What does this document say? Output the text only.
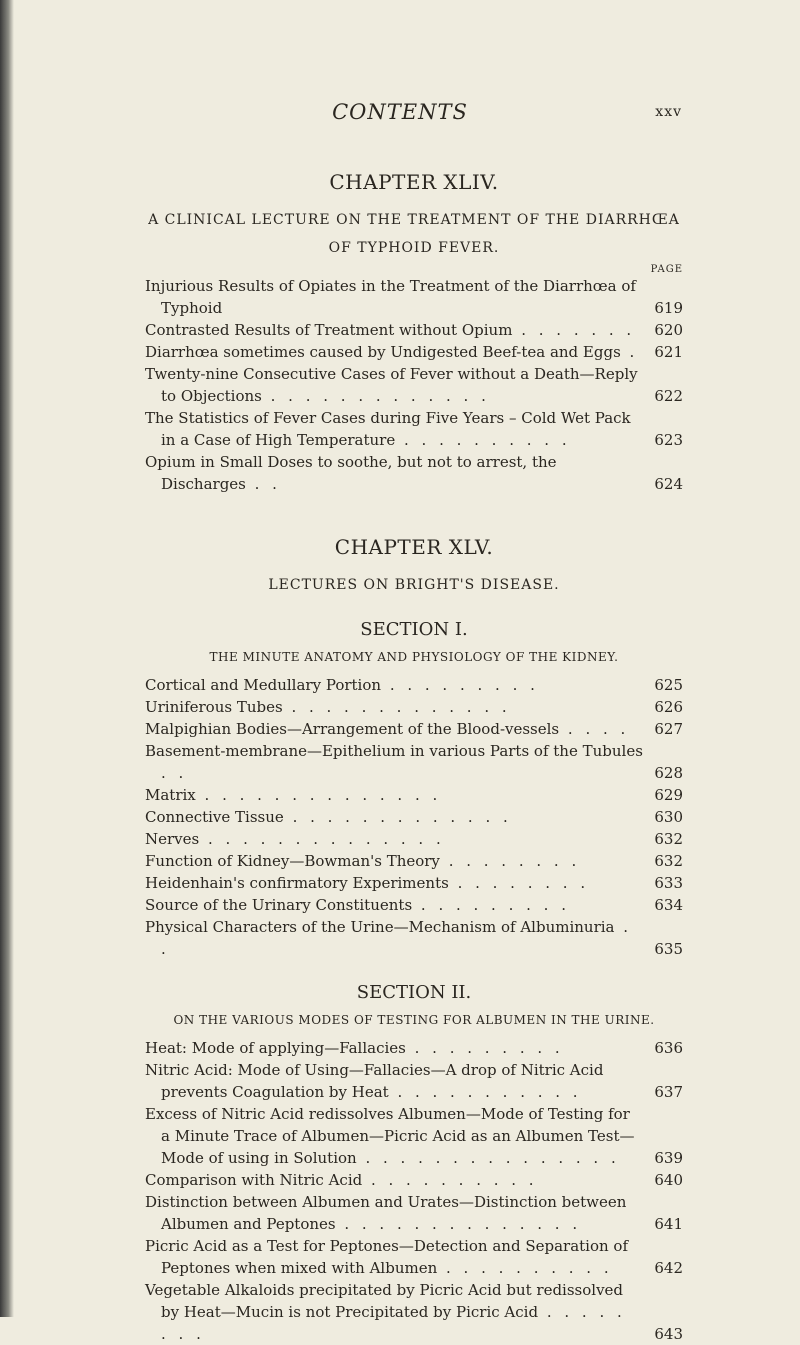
CONTENTS	xxv
CHAPTER XLIV.
A CLINICAL LECTURE ON THE TREATMENT OF THE DIARRHŒA
OF TYPHOID FEVER.
PAGE
Injurious Results of Opiates in the Treatment of the Diarrhœa of Typhoid	619
Contrasted Results of Treatment without Opium . . . . . . . 620
Diarrhœa sometimes caused by Undigested Beef-tea and Eggs . 621
Twenty-nine Consecutive Cases of Fever without a Death—Reply to Objections . . . . . . . . . . . . .	622
The Statistics of Fever Cases during Five Years – Cold Wet Pack in a Case of High Temperature . . . . . . . . . .	623
Opium in Small Doses to soothe, but not to arrest, the Discharges . .	624
CHAPTER XLV.
LECTURES ON BRIGHT'S DISEASE.
SECTION I.
THE MINUTE ANATOMY AND PHYSIOLOGY OF THE KIDNEY.
Cortical and Medullary Portion . . . . . . . . .	625
Uriniferous Tubes . . . . . . . . . . . . .	626
Malpighian Bodies—Arrangement of the Blood-vessels . . . . 627
Basement-membrane—Epithelium in various Parts of the Tubules . .	628
Matrix . . . . . . . . . . . . . .	629
Connective Tissue . . . . . . . . . . . . .	630
Nerves . . . . . . . . . . . . . .	632
Function of Kidney—Bowman's Theory . . . . . . . .	632
Heidenhain's confirmatory Experiments . . . . . . . .	633
Source of the Urinary Constituents . . . . . . . . .	634
Physical Characters of the Urine—Mechanism of Albuminuria . .	635
SECTION II.
ON THE VARIOUS MODES OF TESTING FOR ALBUMEN IN THE URINE.
Heat: Mode of applying—Fallacies . . . . . . . . .	636
Nitric Acid: Mode of Using—Fallacies—A drop of Nitric Acid prevents Coagulation by Heat . . . . . . . . . . .	637
Excess of Nitric Acid redissolves Albumen—Mode of Testing for a Minute Trace of Albumen—Picric Acid as an Albumen Test—Mode of using in Solution . . . . . . . . . . . . . . . 639
Comparison with Nitric Acid . . . . . . . . . .	640
Distinction between Albumen and Urates—Distinction between Albumen and Peptones . . . . . . . . . . . . . .	641
Picric Acid as a Test for Peptones—Detection and Separation of Peptones when mixed with Albumen . . . . . . . . . .	642
Vegetable Alkaloids precipitated by Picric Acid but redissolved by Heat—Mucin is not Precipitated by Picric Acid . . . . . . . .	643
